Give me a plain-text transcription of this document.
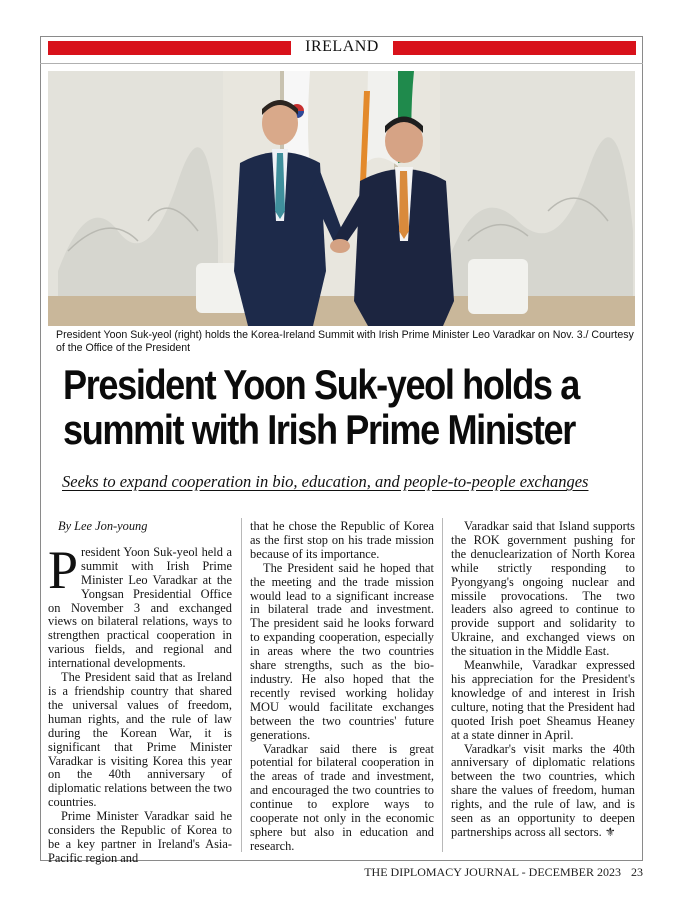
IRELAND
President Yoon Suk-yeol (right) holds the Korea-Ireland Summit with Irish Prime Minister Leo Varadkar on Nov. 3./ Courtesy of the Office of the President
President Yoon Suk-yeol holds a
summit with Irish Prime Minister
Seeks to expand cooperation in bio, education, and people-to-people exchanges

By Lee Jon-young

President Yoon Suk-yeol held a summit with Irish Prime Minister Leo Varadkar at the Yongsan Presidential Office on November 3 and exchanged views on bilateral relations, ways to strengthen practical cooperation in various fields, and regional and international developments.

The President said that as Ireland is a friendship country that shared the universal values of freedom, human rights, and the rule of law during the Korean War, it is significant that Prime Minister Varadkar is visiting Korea this year on the 40th anniversary of diplomatic relations between the two countries.

Prime Minister Varadkar said he considers the Republic of Korea to be a key partner in Ireland's Asia-Pacific region and

that he chose the Republic of Korea as the first stop on his trade mission because of its importance.

The President said he hoped that the meeting and the trade mission would lead to a significant increase in bilateral trade and investment. The president said he looks forward to expanding cooperation, especially in areas where the two countries share strengths, such as the bio-industry. He also hoped that the recently revised working holiday MOU would facilitate exchanges between the two countries' future generations.

Varadkar said there is great potential for bilateral cooperation in the areas of trade and investment, and encouraged the two countries to continue to explore ways to cooperate not only in the economic sphere but also in education and research.

Varadkar said that Island supports the ROK government pushing for the denuclearization of North Korea while strictly responding to Pyongyang's ongoing nuclear and missile provocations. The two leaders also agreed to continue to provide support and solidarity to Ukraine, and exchanged views on the situation in the Middle East.

Meanwhile, Varadkar expressed his appreciation for the President's knowledge of and interest in Irish culture, noting that the President had quoted Irish poet Sheamus Heaney at a state dinner in April.

Varadkar's visit marks the 40th anniversary of diplomatic relations between the two countries, which share the values of freedom, human rights, and the rule of law, and is seen as an opportunity to deepen partnerships across all sectors. ⚜

THE DIPLOMACY JOURNAL - DECEMBER 2023 23
